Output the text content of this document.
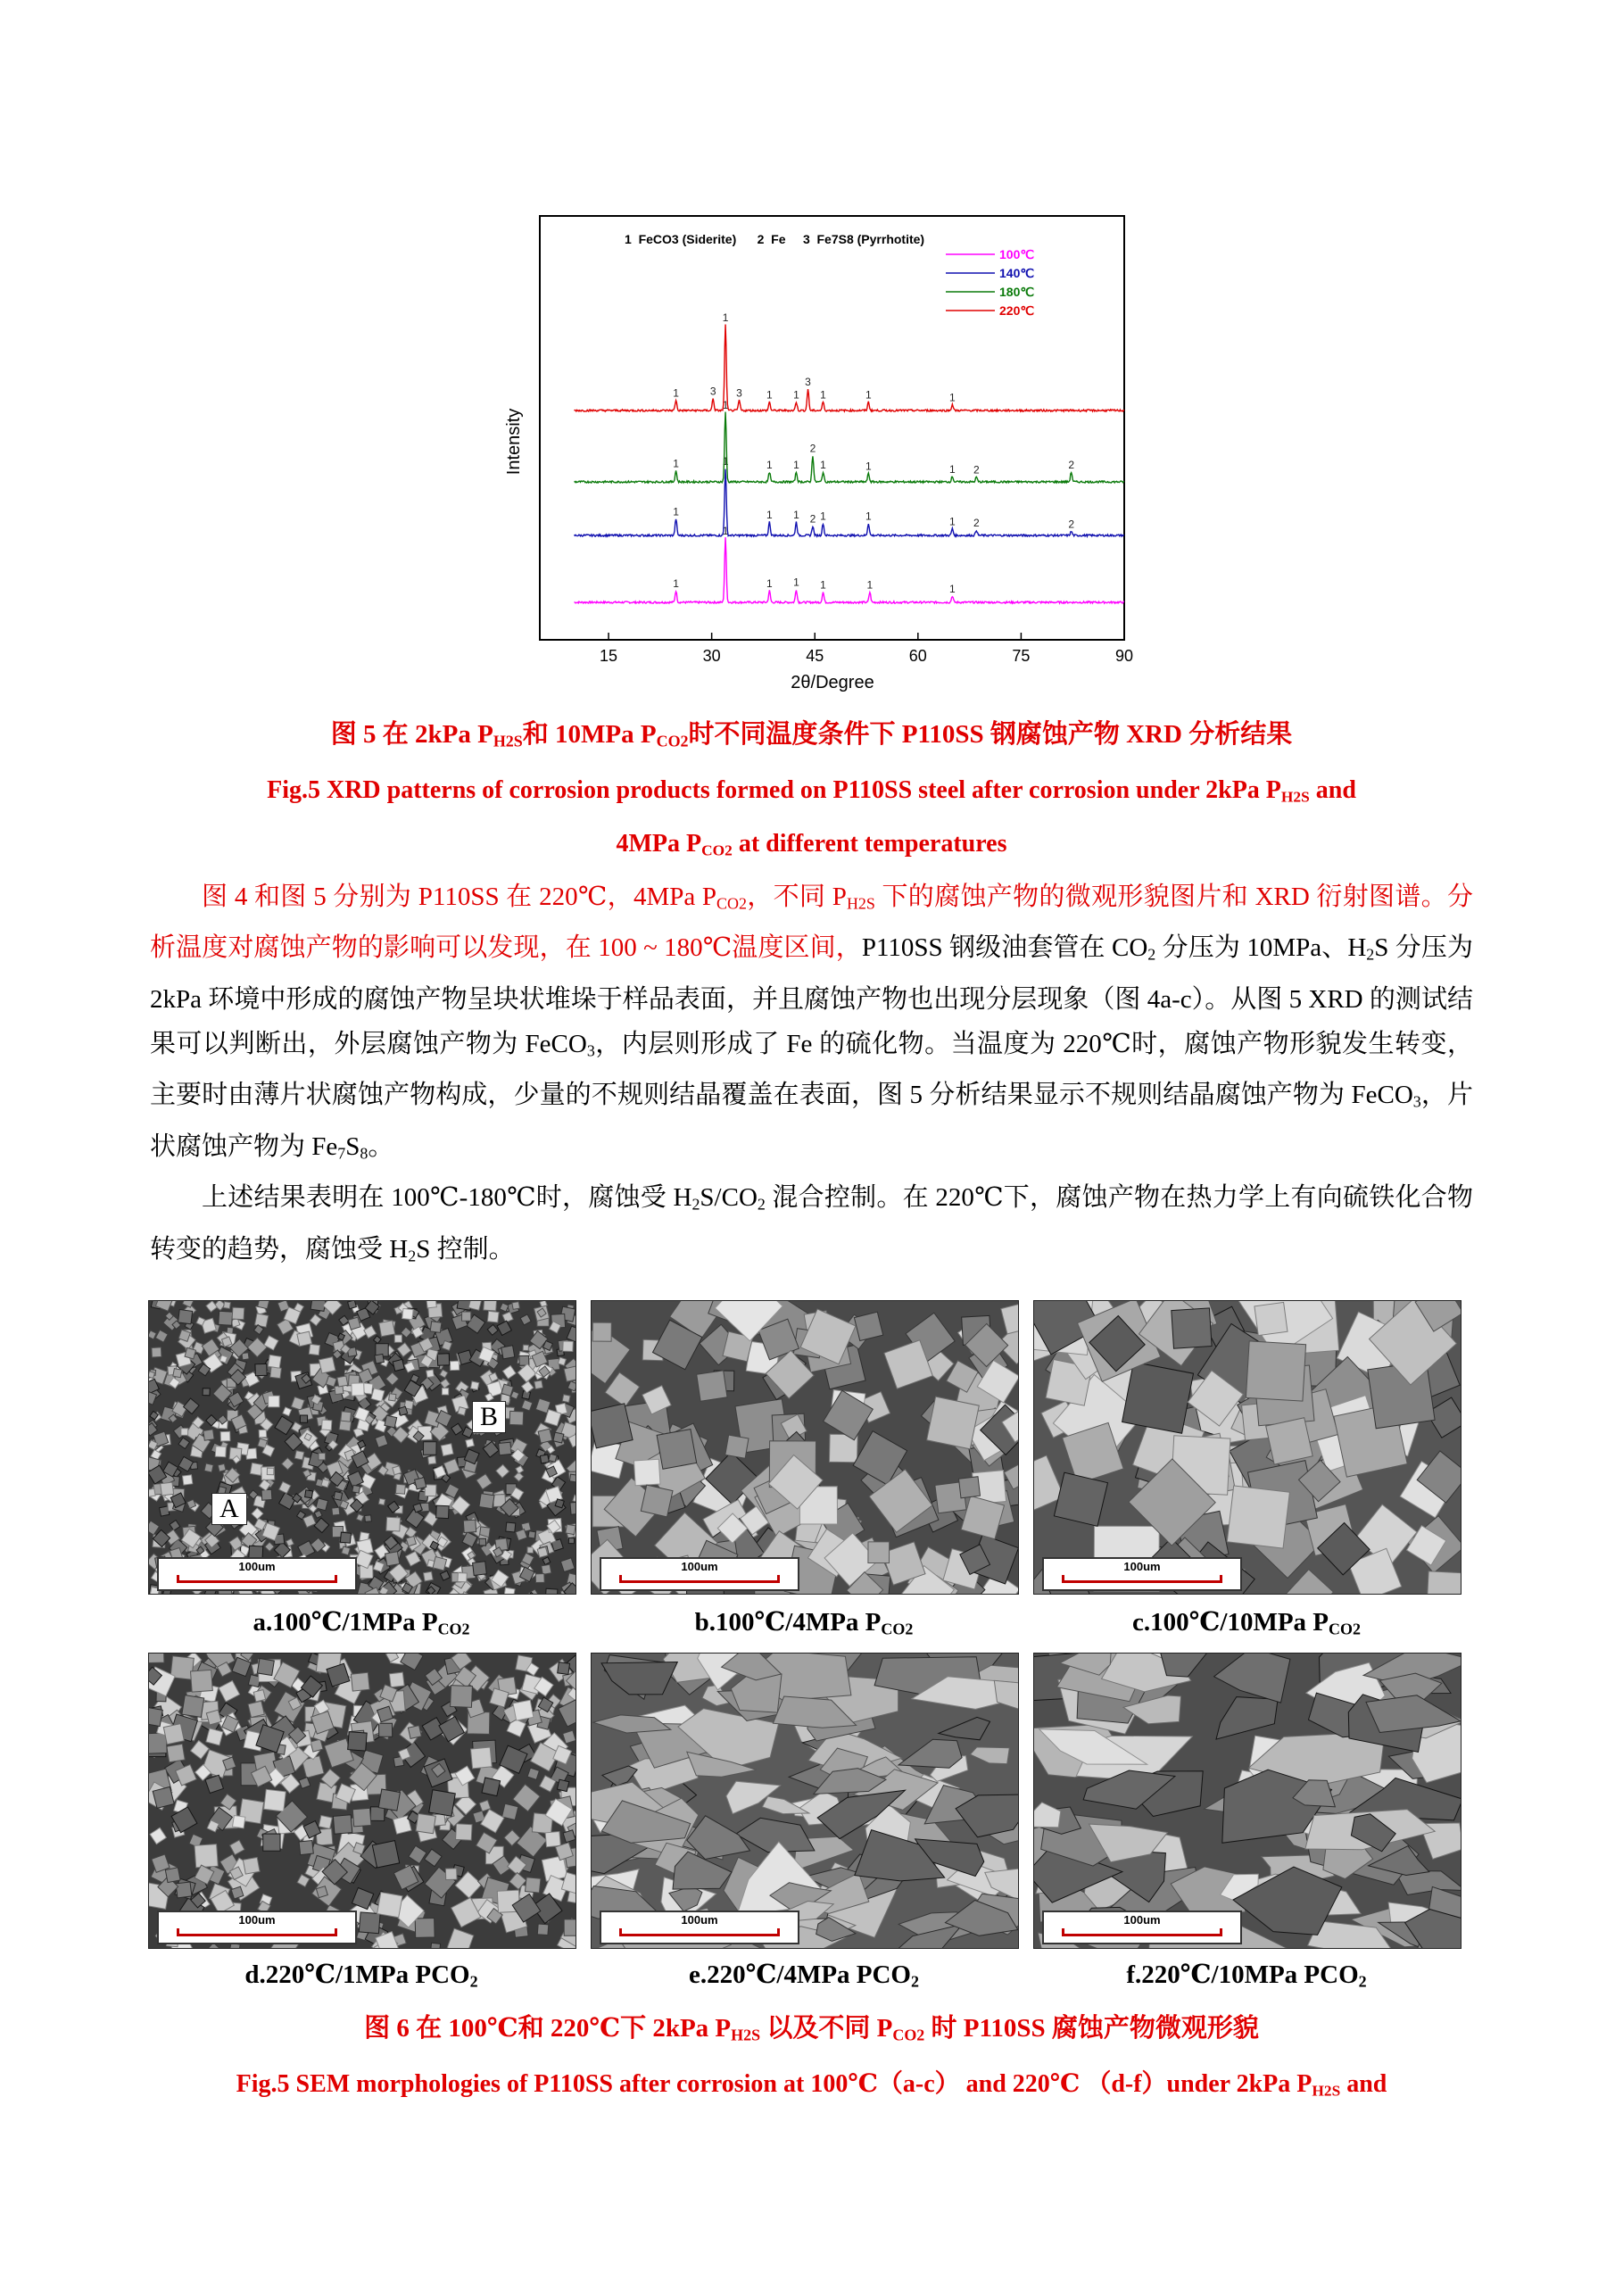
1
1
1 1 1	1	1
1
1
1 1 2 1	1	1 2	2
1
1
1 1
2
1	1	1 2	2
1	3
1
3 1 1
3
1	1	1
15	30	45	60	75	90
Intensity
2θ/Degree
1  FeCO3 (Siderite)      2  Fe     3  Fe7S8 (Pyrrhotite)
100℃
140℃
180℃
220℃
图 5 在 2kPa $P_{H2S}$和 10MPa $P_{CO2}$时不同温度条件下 P110SS 钢腐蚀产物 XRD 分析结果
Fig.5 XRD patterns of corrosion products formed on P110SS steel after corrosion under 2kPa $P_{H2S}$ and
4MPa $P_{CO2}$ at different temperatures

图 4 和图 5 分别为 P110SS 在 220℃，4MPa $P_{CO2}$，不同 $P_{H2S}$ 下的腐蚀产物的微观形貌图片和 XRD 衍射图谱。分析温度对腐蚀产物的影响可以发现，在 100 ~ 180℃温度区间，P110SS 钢级油套管在 $CO_2$ 分压为 10MPa、$H_2S$ 分压为 2kPa 环境中形成的腐蚀产物呈块状堆垛于样品表面，并且腐蚀产物也出现分层现象（图 4a-c）。从图 5 XRD 的测试结果可以判断出，外层腐蚀产物为 FeCO$_3$，内层则形成了 Fe 的硫化物。当温度为 220℃时，腐蚀产物形貌发生转变，主要时由薄片状腐蚀产物构成，少量的不规则结晶覆盖在表面，图 5 分析结果显示不规则结晶腐蚀产物为 FeCO$_3$，片状腐蚀产物为 $Fe_7S_8$。

上述结果表明在 100℃-180℃时，腐蚀受 $H_2S/CO_2$ 混合控制。在 220℃下，腐蚀产物在热力学上有向硫铁化合物转变的趋势，腐蚀受 $H_2S$ 控制。

A
B
100um	100um	100um
a.100℃/1MPa $P_{CO2}$	b.100℃/4MPa $P_{CO2}$	c.100℃/10MPa $P_{CO2}$
100um	100um	100um
d.220℃/1MPa $PCO_2$	e.220℃/4MPa $PCO_2$	f.220℃/10MPa $PCO_2$
图 6 在 100℃和 220℃下 2kPa $P_{H2S}$ 以及不同 $P_{CO2}$ 时 P110SS 腐蚀产物微观形貌
Fig.5 SEM morphologies of P110SS after corrosion at 100℃（a-c） and 220℃ （d-f）under 2kPa $P_{H2S}$ and
